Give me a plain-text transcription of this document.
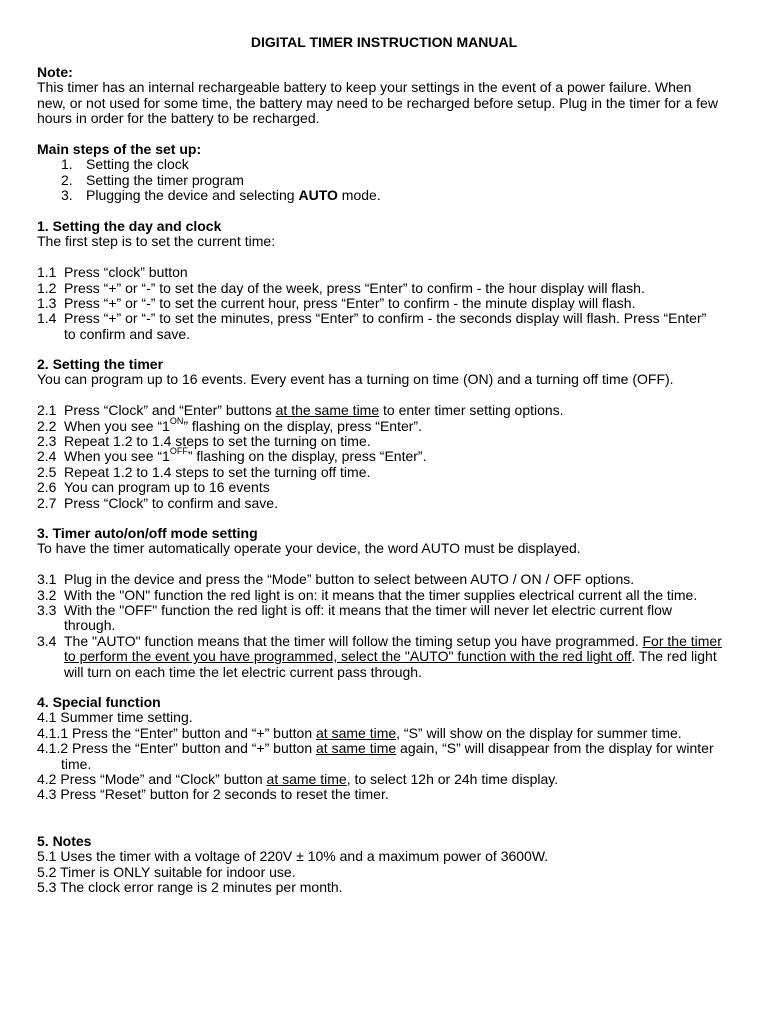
DIGITAL TIMER INSTRUCTION MANUAL
Note:
This timer has an internal rechargeable battery to keep your settings in the event of a power failure. When
new, or not used for some time, the battery may need to be recharged before setup. Plug in the timer for a few
hours in order for the battery to be recharged.
Main steps of the set up:
1. Setting the clock
2. Setting the timer program
3. Plugging the device and selecting AUTO mode.
1. Setting the day and clock
The first step is to set the current time:
1.1 Press “clock” button
1.2 Press “+” or “-” to set the day of the week, press “Enter” to confirm - the hour display will flash.
1.3 Press “+” or “-” to set the current hour, press “Enter” to confirm - the minute display will flash.
1.4 Press “+” or “-” to set the minutes, press “Enter” to confirm - the seconds display will flash. Press “Enter”
to confirm and save.
2. Setting the timer
You can program up to 16 events. Every event has a turning on time (ON) and a turning off time (OFF).
2.1 Press “Clock” and “Enter” buttons at the same time to enter timer setting options.
2.2 When you see “$1^{ON}$” flashing on the display, press “Enter”.
2.3 Repeat 1.2 to 1.4 steps to set the turning on time.
2.4 When you see “$1^{OFF}$” flashing on the display, press “Enter”.
2.5 Repeat 1.2 to 1.4 steps to set the turning off time.
2.6 You can program up to 16 events
2.7 Press “Clock” to confirm and save.
3. Timer auto/on/off mode setting
To have the timer automatically operate your device, the word AUTO must be displayed.
3.1 Plug in the device and press the “Mode” button to select between AUTO / ON / OFF options.
3.2 With the "ON" function the red light is on: it means that the timer supplies electrical current all the time.
3.3 With the "OFF" function the red light is off: it means that the timer will never let electric current flow
through.
3.4 The "AUTO" function means that the timer will follow the timing setup you have programmed. For the timer
to perform the event you have programmed, select the "AUTO" function with the red light off. The red light
will turn on each time the let electric current pass through.
4. Special function
4.1 Summer time setting.
4.1.1 Press the “Enter” button and “+” button at same time, “S” will show on the display for summer time.
4.1.2 Press the “Enter” button and “+” button at same time again, “S” will disappear from the display for winter
time.
4.2 Press “Mode” and “Clock” button at same time, to select 12h or 24h time display.
4.3 Press “Reset” button for 2 seconds to reset the timer.
5. Notes
5.1 Uses the timer with a voltage of 220V ± 10% and a maximum power of 3600W.
5.2 Timer is ONLY suitable for indoor use.
5.3 The clock error range is 2 minutes per month.
